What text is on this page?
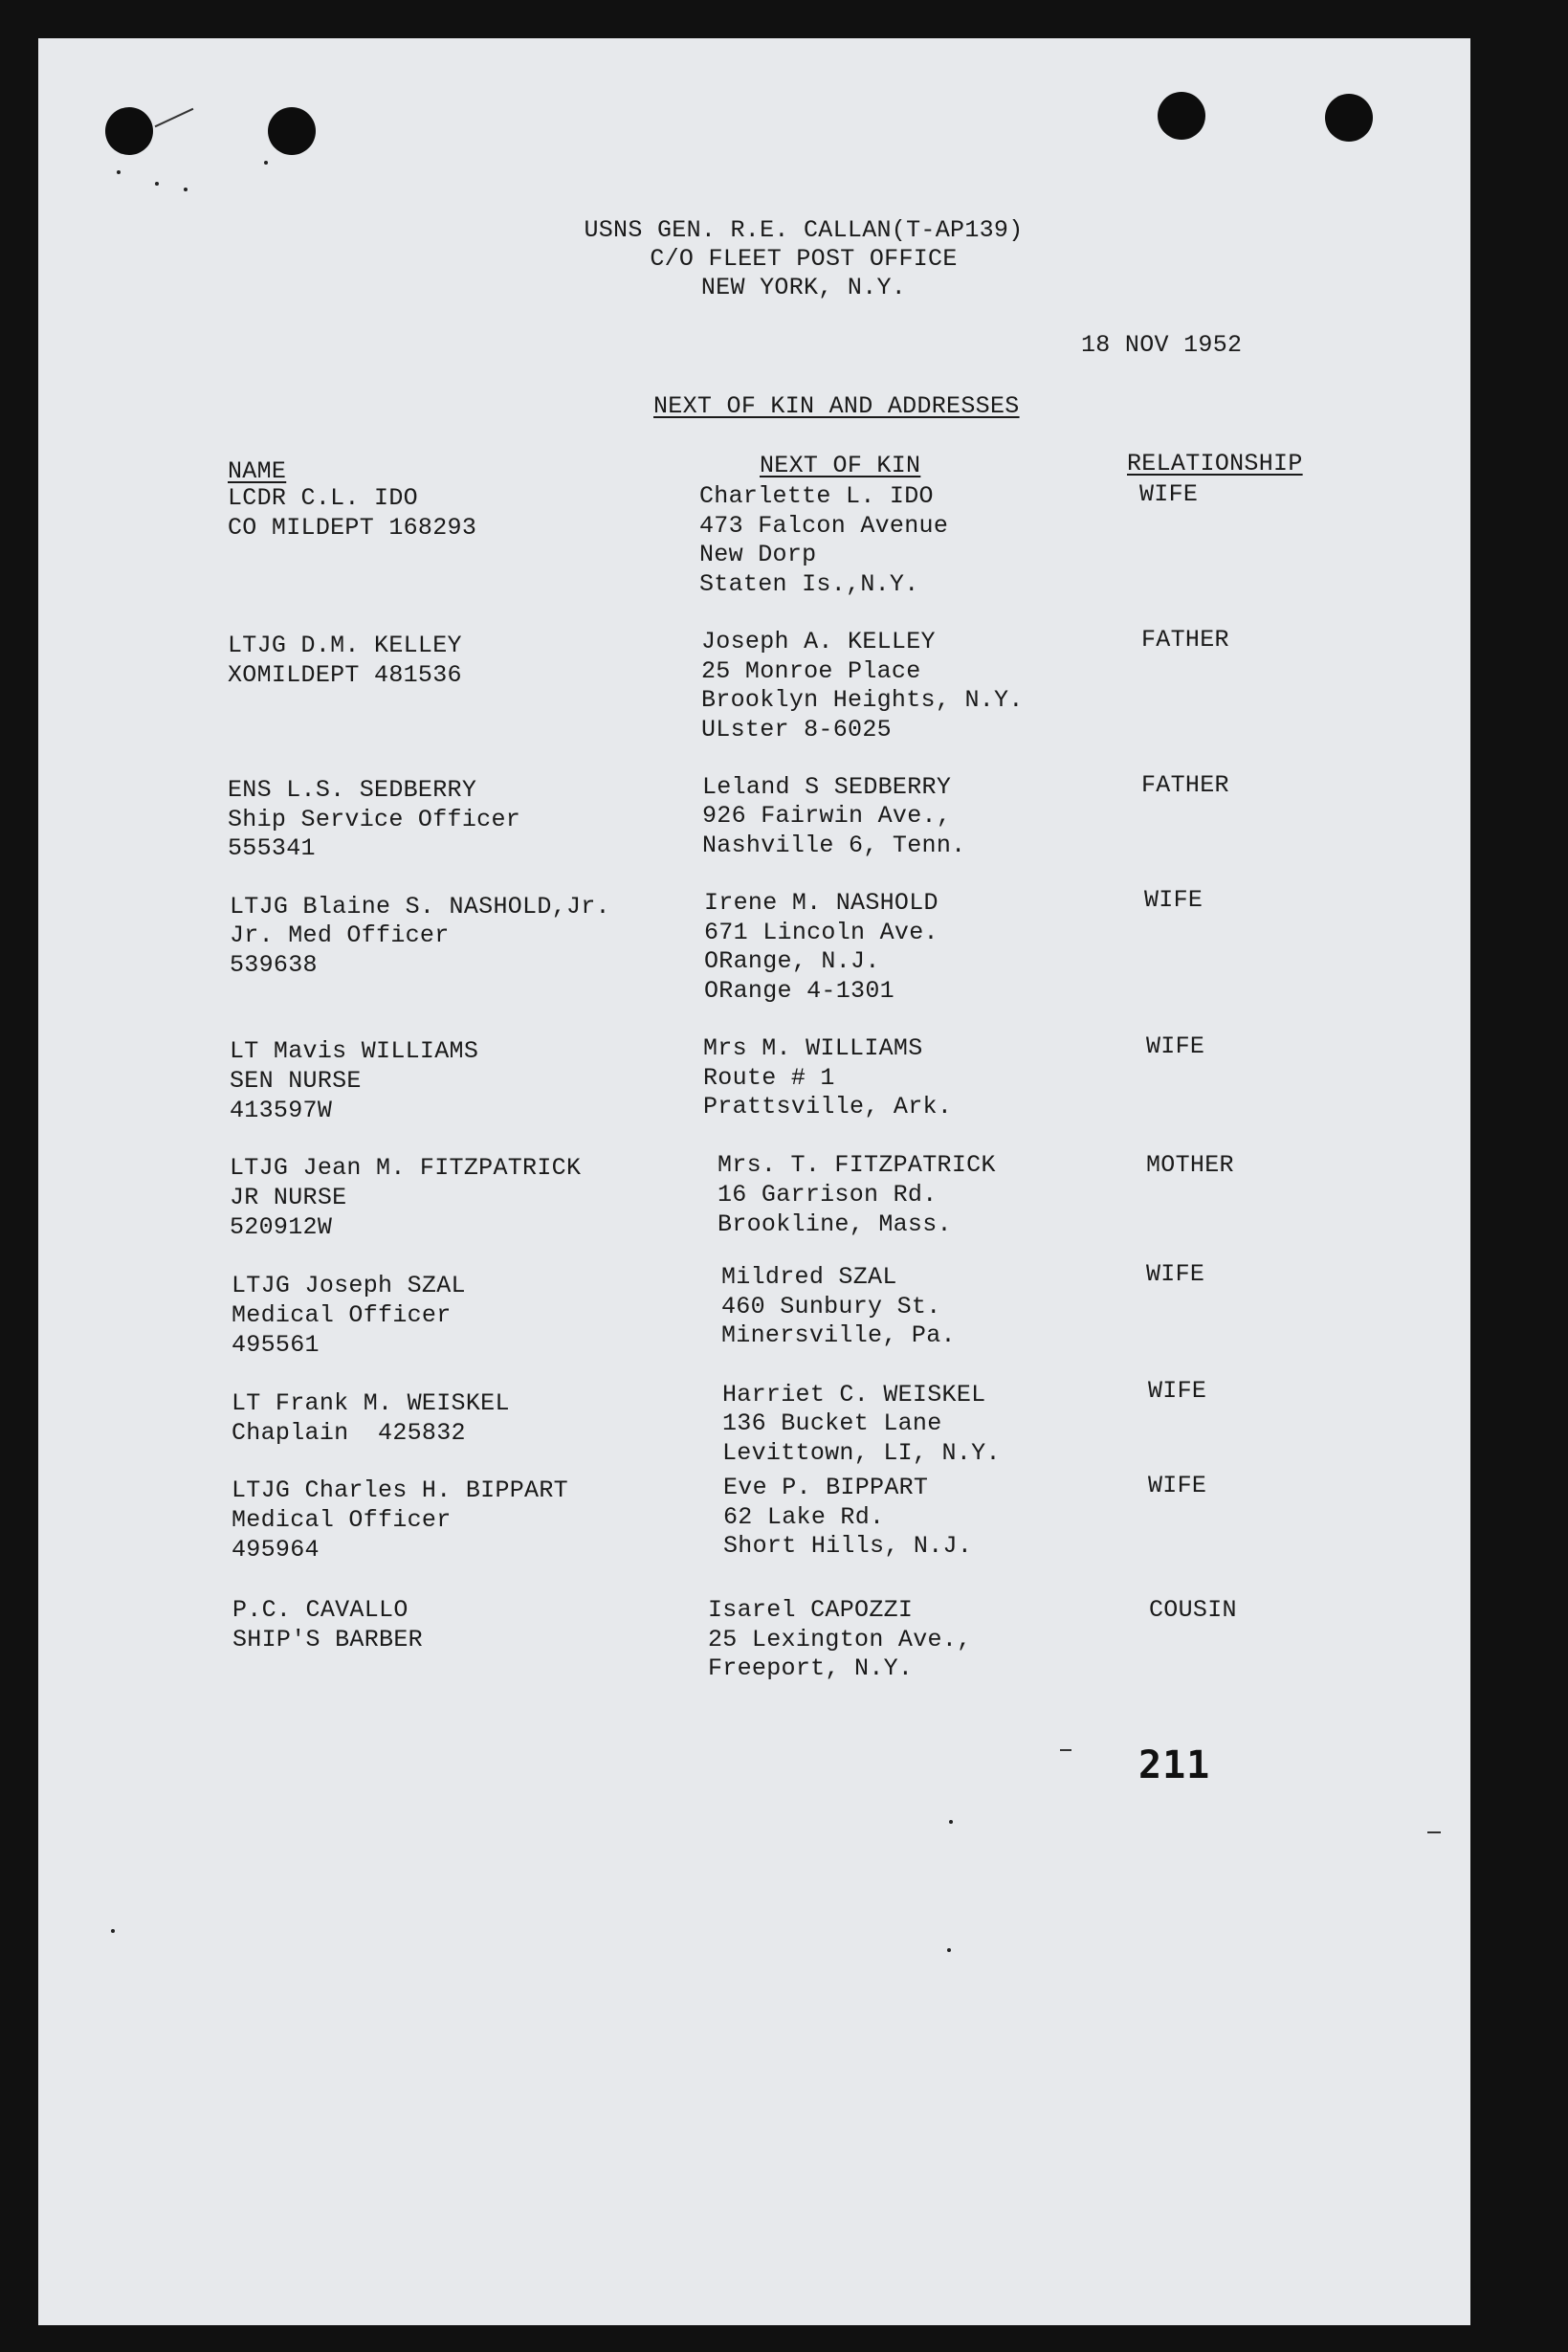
USNS GEN. R.E. CALLAN(T-AP139)
C/O FLEET POST OFFICE
NEW YORK, N.Y.
18 NOV 1952
NEXT OF KIN AND ADDRESSES
NAME	NEXT OF KIN	RELATIONSHIP
LCDR C.L. IDO
CO MILDEPT 168293
Charlette L. IDO
473 Falcon Avenue
New Dorp
Staten Is.,N.Y.
WIFE
LTJG D.M. KELLEY
XOMILDEPT 481536
Joseph A. KELLEY
25 Monroe Place
Brooklyn Heights, N.Y.
ULster 8-6025
FATHER
ENS L.S. SEDBERRY
Ship Service Officer
555341
Leland S SEDBERRY
926 Fairwin Ave.,
Nashville 6, Tenn.
FATHER
LTJG Blaine S. NASHOLD,Jr.
Jr. Med Officer
539638
Irene M. NASHOLD
671 Lincoln Ave.
ORange, N.J.
ORange 4-1301
WIFE
LT Mavis WILLIAMS
SEN NURSE
413597W
Mrs M. WILLIAMS
Route # 1
Prattsville, Ark.
WIFE
LTJG Jean M. FITZPATRICK
JR NURSE
520912W
Mrs. T. FITZPATRICK
16 Garrison Rd.
Brookline, Mass.
MOTHER
LTJG Joseph SZAL
Medical Officer
495561
Mildred SZAL
460 Sunbury St.
Minersville, Pa.
WIFE
LT Frank M. WEISKEL
Chaplain  425832
Harriet C. WEISKEL
136 Bucket Lane
Levittown, LI, N.Y.
WIFE
LTJG Charles H. BIPPART
Medical Officer
495964
Eve P. BIPPART
62 Lake Rd.
Short Hills, N.J.
WIFE
P.C. CAVALLO
SHIP'S BARBER
Isarel CAPOZZI
25 Lexington Ave.,
Freeport, N.Y.
COUSIN
211
